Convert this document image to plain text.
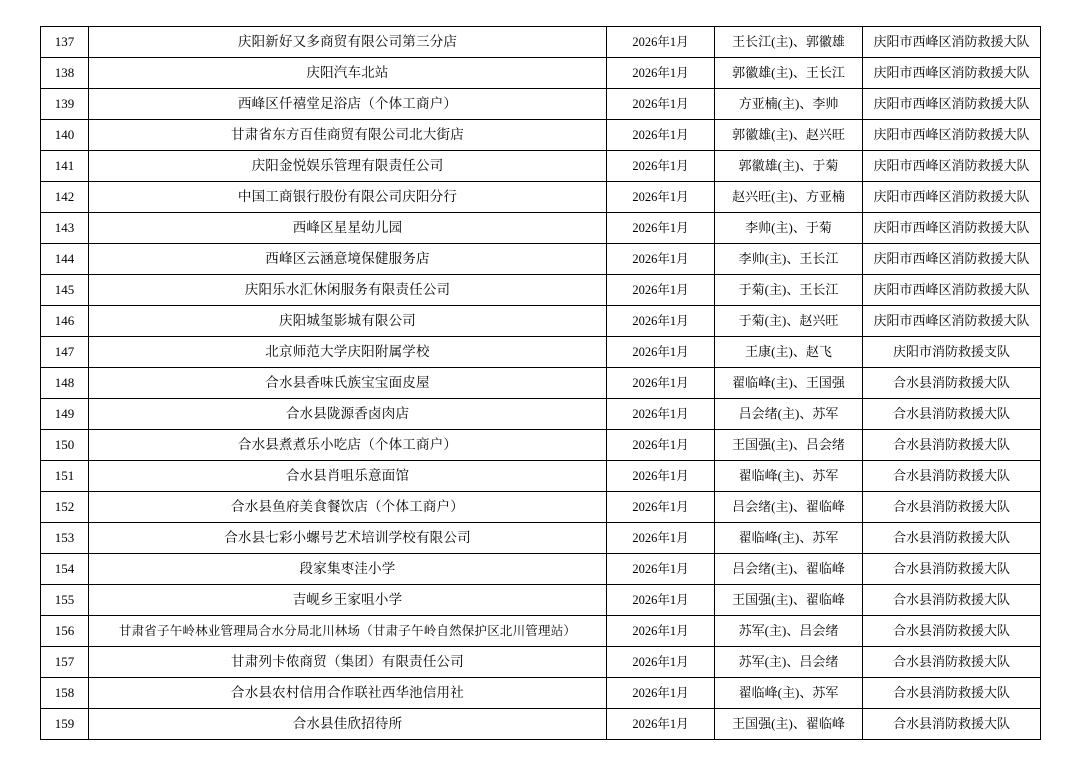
137	庆阳新好又多商贸有限公司第三分店	2026年1月	王长江(主)、郭徽雄	庆阳市西峰区消防救援大队
138	庆阳汽车北站	2026年1月	郭徽雄(主)、王长江	庆阳市西峰区消防救援大队
139	西峰区仟禧堂足浴店（个体工商户）	2026年1月	方亚楠(主)、李帅	庆阳市西峰区消防救援大队
140	甘肃省东方百佳商贸有限公司北大街店	2026年1月	郭徽雄(主)、赵兴旺	庆阳市西峰区消防救援大队
141	庆阳金悦娱乐管理有限责任公司	2026年1月	郭徽雄(主)、于菊	庆阳市西峰区消防救援大队
142	中国工商银行股份有限公司庆阳分行	2026年1月	赵兴旺(主)、方亚楠	庆阳市西峰区消防救援大队
143	西峰区星星幼儿园	2026年1月	李帅(主)、于菊	庆阳市西峰区消防救援大队
144	西峰区云涵意境保健服务店	2026年1月	李帅(主)、王长江	庆阳市西峰区消防救援大队
145	庆阳乐水汇休闲服务有限责任公司	2026年1月	于菊(主)、王长江	庆阳市西峰区消防救援大队
146	庆阳城玺影城有限公司	2026年1月	于菊(主)、赵兴旺	庆阳市西峰区消防救援大队
147	北京师范大学庆阳附属学校	2026年1月	王康(主)、赵飞	庆阳市消防救援支队
148	合水县香味氏族宝宝面皮屋	2026年1月	翟临峰(主)、王国强	合水县消防救援大队
149	合水县陇源香卤肉店	2026年1月	吕会绪(主)、苏军	合水县消防救援大队
150	合水县煮煮乐小吃店（个体工商户）	2026年1月	王国强(主)、吕会绪	合水县消防救援大队
151	合水县肖咀乐意面馆	2026年1月	翟临峰(主)、苏军	合水县消防救援大队
152	合水县鱼府美食餐饮店（个体工商户）	2026年1月	吕会绪(主)、翟临峰	合水县消防救援大队
153	合水县七彩小螺号艺术培训学校有限公司	2026年1月	翟临峰(主)、苏军	合水县消防救援大队
154	段家集枣洼小学	2026年1月	吕会绪(主)、翟临峰	合水县消防救援大队
155	吉岘乡王家咀小学	2026年1月	王国强(主)、翟临峰	合水县消防救援大队
156	甘肃省子午岭林业管理局合水分局北川林场（甘肃子午岭自然保护区北川管理站）	2026年1月	苏军(主)、吕会绪	合水县消防救援大队
157	甘肃列卡侬商贸（集团）有限责任公司	2026年1月	苏军(主)、吕会绪	合水县消防救援大队
158	合水县农村信用合作联社西华池信用社	2026年1月	翟临峰(主)、苏军	合水县消防救援大队
159	合水县佳欣招待所	2026年1月	王国强(主)、翟临峰	合水县消防救援大队
